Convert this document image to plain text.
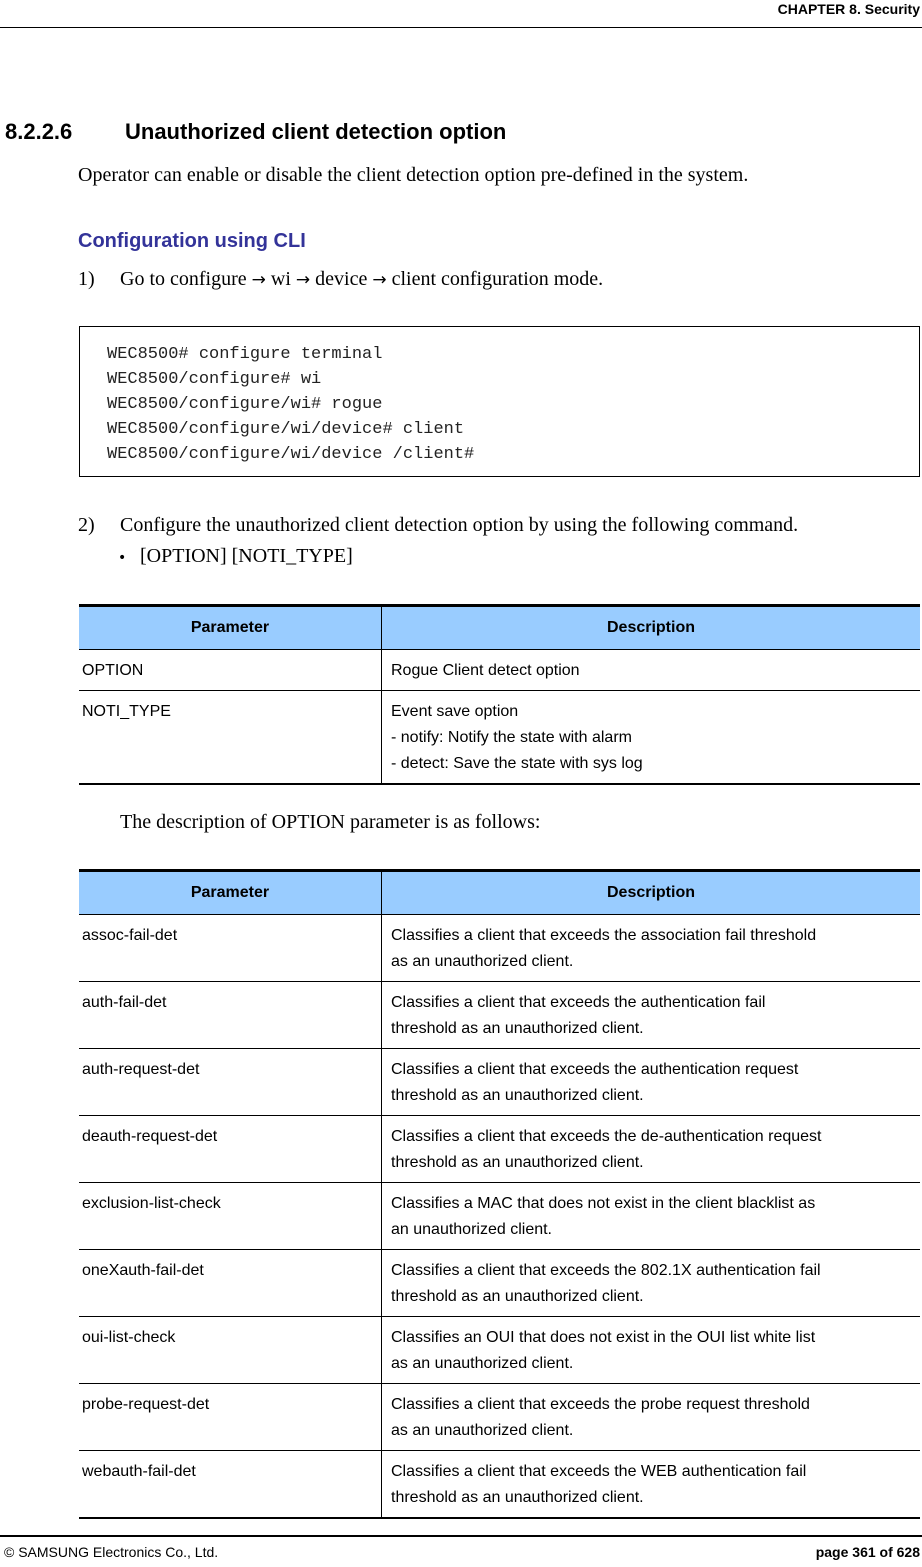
CHAPTER 8. Security
8.2.2.6 Unauthorized client detection option
Operator can enable or disable the client detection option pre-defined in the system.
Configuration using CLI
1) Go to configure → wi → device → client configuration mode.
WEC8500# configure terminal
WEC8500/configure# wi
WEC8500/configure/wi# rogue
WEC8500/configure/wi/device# client
WEC8500/configure/wi/device /client#
2) Configure the unauthorized client detection option by using the following command.
• [OPTION] [NOTI_TYPE]
Parameter	Description
OPTION	Rogue Client detect option

NOTI_TYPE	Event save option
- notify: Notify the state with alarm
- detect: Save the state with sys log
The description of OPTION parameter is as follows:
Parameter	Description
assoc-fail-det	Classifies a client that exceeds the association fail threshold
as an unauthorized client.

auth-fail-det	Classifies a client that exceeds the authentication fail
threshold as an unauthorized client.

auth-request-det	Classifies a client that exceeds the authentication request
threshold as an unauthorized client.

deauth-request-det	Classifies a client that exceeds the de-authentication request
threshold as an unauthorized client.

exclusion-list-check	Classifies a MAC that does not exist in the client blacklist as
an unauthorized client.

oneXauth-fail-det	Classifies a client that exceeds the 802.1X authentication fail
threshold as an unauthorized client.

oui-list-check	Classifies an OUI that does not exist in the OUI list white list
as an unauthorized client.

probe-request-det	Classifies a client that exceeds the probe request threshold
as an unauthorized client.

webauth-fail-det	Classifies a client that exceeds the WEB authentication fail
threshold as an unauthorized client.
© SAMSUNG Electronics Co., Ltd.	page 361 of 628
